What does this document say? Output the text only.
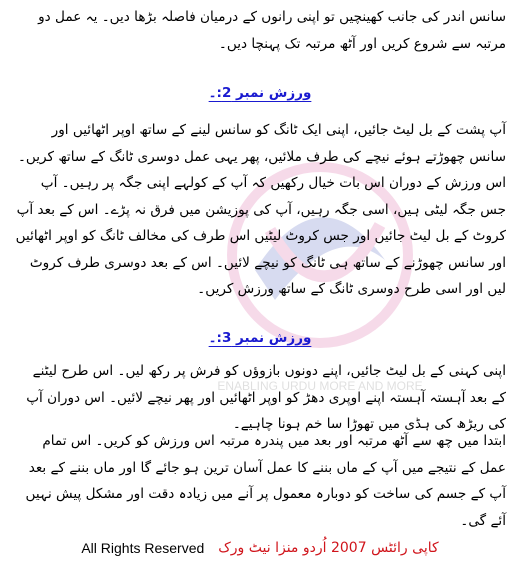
ENABLING URDU MORE AND MORE
سانس اندر کی جانب کھینچیں تو اپنی رانوں کے درمیان فاصلہ بڑھا دیں۔ یہ عمل دو مرتبہ سے شروع کریں اور آٹھ مرتبہ تک پہنچا دیں۔
ورزش نمبر 2:۔
آپ پشت کے بل لیٹ جائیں، اپنی ایک ٹانگ کو سانس لینے کے ساتھ اوپر اٹھائیں اور سانس چھوڑتے ہوئے نیچے کی طرف ملائیں، پھر یہی عمل دوسری ٹانگ کے ساتھ کریں۔ اس ورزش کے دوران اس بات خیال رکھیں کہ آپ کے کولہے اپنی جگہ پر رہیں۔ آپ جس جگہ لیٹی ہیں، اسی جگہ رہیں، آپ کی پوزیشن میں فرق نہ پڑے۔ اس کے بعد آپ کروٹ کے بل لیٹ جائیں اور جس کروٹ لیٹیں اس طرف کی مخالف ٹانگ کو اوپر اٹھائیں اور سانس چھوڑنے کے ساتھ ہی ٹانگ کو نیچے لائیں۔ اس کے بعد دوسری طرف کروٹ لیں اور اسی طرح دوسری ٹانگ کے ساتھ ورزش کریں۔
ورزش نمبر 3:۔
اپنی کہنی کے بل لیٹ جائیں، اپنے دونوں بازوؤں کو فرش پر رکھ لیں۔ اس طرح لیٹنے کے بعد آہستہ آہستہ اپنے اوپری دھڑ کو اوپر اٹھائیں اور پھر نیچے لائیں۔ اس دوران آپ کی ریڑھ کی ہڈی میں تھوڑا سا خم ہونا چاہیے۔
ابتدا میں چھ سے آٹھ مرتبہ اور بعد میں پندرہ مرتبہ اس ورزش کو کریں۔ اس تمام عمل کے نتیجے میں آپ کے ماں بننے کا عمل آسان ترین ہو جائے گا اور ماں بننے کے بعد آپ کے جسم کی ساخت کو دوبارہ معمول پر آنے میں زیادہ دقت اور مشکل پیش نہیں آئے گی۔
All Rights Reserved کاپی رائٹس 2007 اُردو منزا نیٹ ورک
